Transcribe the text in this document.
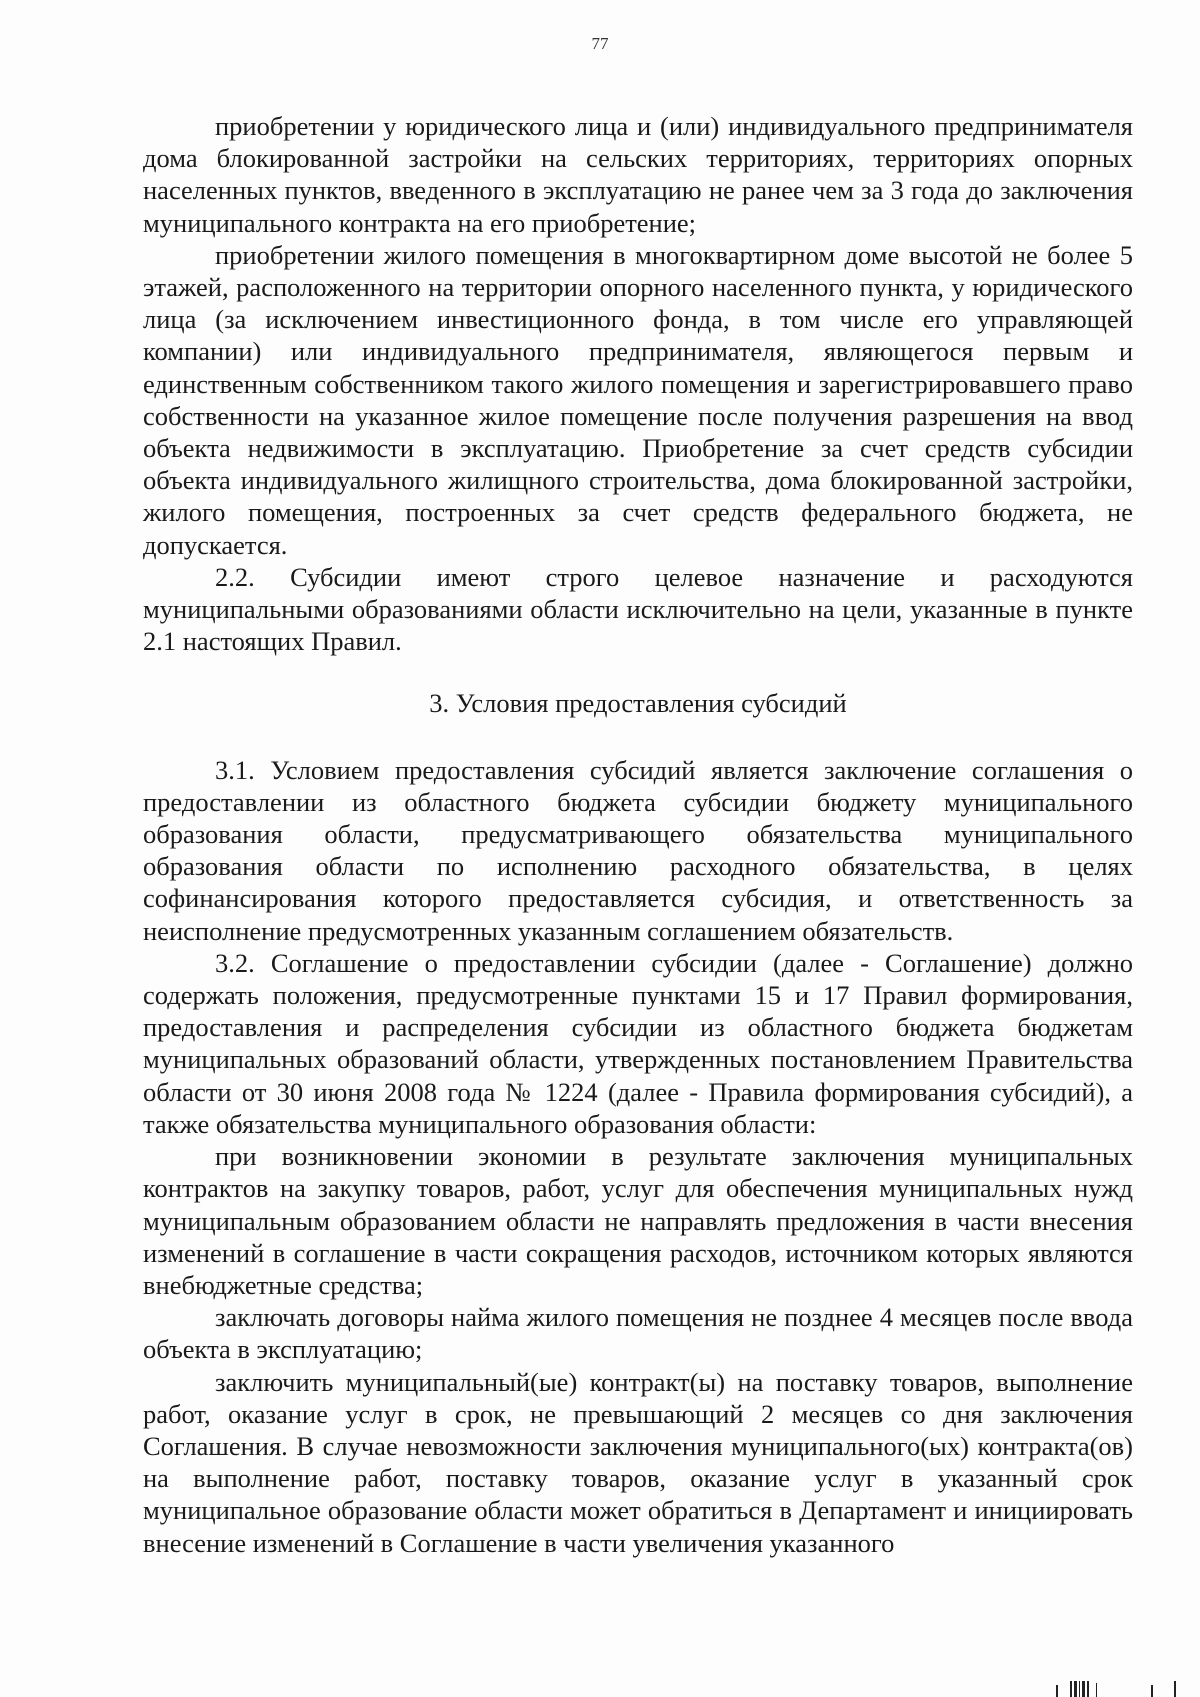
77

приобретении у юридического лица и (или) индивидуального предпринимателя дома блокированной застройки на сельских территориях, территориях опорных населенных пунктов, введенного в эксплуатацию не ранее чем за 3 года до заключения муниципального контракта на его приобретение;

приобретении жилого помещения в многоквартирном доме высотой не более 5 этажей, расположенного на территории опорного населенного пункта, у юридического лица (за исключением инвестиционного фонда, в том числе его управляющей компании) или индивидуального предпринимателя, являющегося первым и единственным собственником такого жилого помещения и зарегистрировавшего право собственности на указанное жилое помещение после получения разрешения на ввод объекта недвижимости в эксплуатацию. Приобретение за счет средств субсидии объекта индивидуального жилищного строительства, дома блокированной застройки, жилого помещения, построенных за счет средств федерального бюджета, не допускается.

2.2. Субсидии имеют строго целевое назначение и расходуются муниципальными образованиями области исключительно на цели, указанные в пункте 2.1 настоящих Правил.

3. Условия предоставления субсидий

3.1. Условием предоставления субсидий является заключение соглашения о предоставлении из областного бюджета субсидии бюджету муниципального образования области, предусматривающего обязательства муниципального образования области по исполнению расходного обязательства, в целях софинансирования которого предоставляется субсидия, и ответственность за неисполнение предусмотренных указанным соглашением обязательств.

3.2. Соглашение о предоставлении субсидии (далее - Соглашение) должно содержать положения, предусмотренные пунктами 15 и 17 Правил формирования, предоставления и распределения субсидии из областного бюджета бюджетам муниципальных образований области, утвержденных постановлением Правительства области от 30 июня 2008 года № 1224 (далее - Правила формирования субсидий), а также обязательства муниципального образования области:

при возникновении экономии в результате заключения муниципальных контрактов на закупку товаров, работ, услуг для обеспечения муниципальных нужд муниципальным образованием области не направлять предложения в части внесения изменений в соглашение в части сокращения расходов, источником которых являются внебюджетные средства;

заключать договоры найма жилого помещения не позднее 4 месяцев после ввода объекта в эксплуатацию;

заключить муниципальный(ые) контракт(ы) на поставку товаров, выполнение работ, оказание услуг в срок, не превышающий 2 месяцев со дня заключения Соглашения. В случае невозможности заключения муниципального(ых) контракта(ов) на выполнение работ, поставку товаров, оказание услуг в указанный срок муниципальное образование области может обратиться в Департамент и инициировать внесение изменений в Соглашение в части увеличения указанного
